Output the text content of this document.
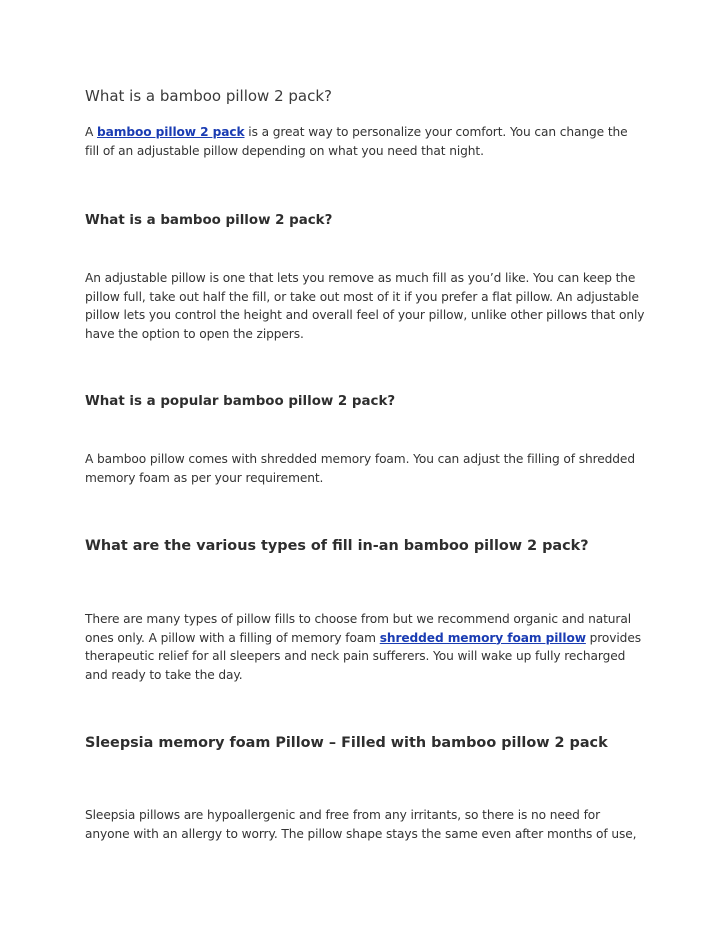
What is a bamboo pillow 2 pack?

A bamboo pillow 2 pack is a great way to personalize your comfort. You can change the fill of an adjustable pillow depending on what you need that night.

What is a bamboo pillow 2 pack?

An adjustable pillow is one that lets you remove as much fill as you’d like. You can keep the pillow full, take out half the fill, or take out most of it if you prefer a flat pillow. An adjustable pillow lets you control the height and overall feel of your pillow, unlike other pillows that only have the option to open the zippers.

What is a popular bamboo pillow 2 pack?

A bamboo pillow comes with shredded memory foam. You can adjust the filling of shredded memory foam as per your requirement.

What are the various types of fill in-an bamboo pillow 2 pack?

There are many types of pillow fills to choose from but we recommend organic and natural ones only. A pillow with a filling of memory foam shredded memory foam pillow provides therapeutic relief for all sleepers and neck pain sufferers. You will wake up fully recharged and ready to take the day.

Sleepsia memory foam Pillow – Filled with bamboo pillow 2 pack

Sleepsia pillows are hypoallergenic and free from any irritants, so there is no need for anyone with an allergy to worry. The pillow shape stays the same even after months of use,
